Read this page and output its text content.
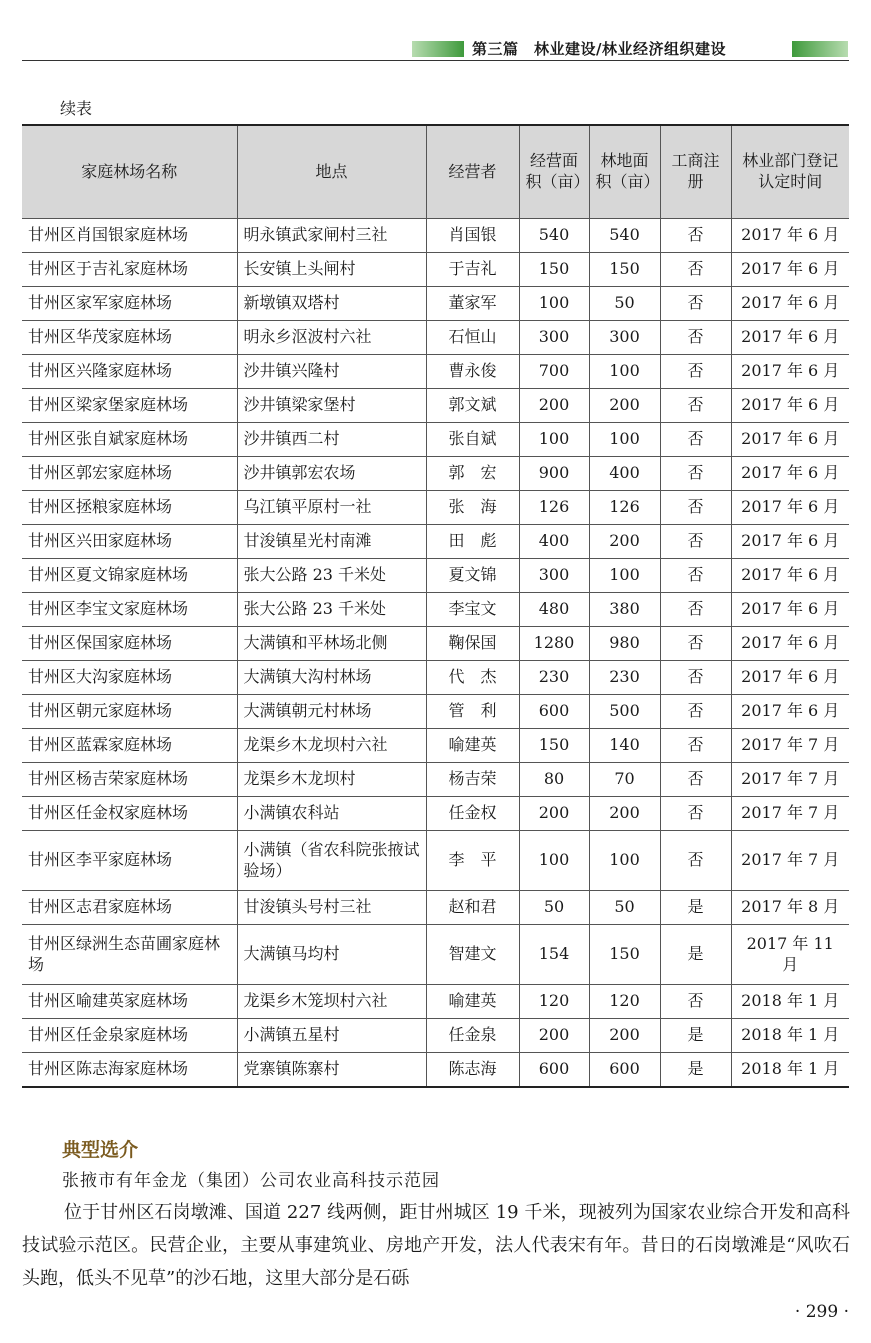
第三篇　林业建设/林业经济组织建设
续表
家庭林场名称	地点	经营者	经营面积（亩）	林地面积（亩）	工商注册	林业部门登记认定时间
甘州区肖国银家庭林场	明永镇武家闸村三社	肖国银	540	540	否	2017 年 6 月
甘州区于吉礼家庭林场	长安镇上头闸村	于吉礼	150	150	否	2017 年 6 月
甘州区家军家庭林场	新墩镇双塔村	董家军	100	50	否	2017 年 6 月
甘州区华茂家庭林场	明永乡沤波村六社	石恒山	300	300	否	2017 年 6 月
甘州区兴隆家庭林场	沙井镇兴隆村	曹永俊	700	100	否	2017 年 6 月
甘州区梁家堡家庭林场	沙井镇梁家堡村	郭文斌	200	200	否	2017 年 6 月
甘州区张自斌家庭林场	沙井镇西二村	张自斌	100	100	否	2017 年 6 月
甘州区郭宏家庭林场	沙井镇郭宏农场	郭　宏	900	400	否	2017 年 6 月
甘州区拯粮家庭林场	乌江镇平原村一社	张　海	126	126	否	2017 年 6 月
甘州区兴田家庭林场	甘浚镇星光村南滩	田　彪	400	200	否	2017 年 6 月
甘州区夏文锦家庭林场	张大公路 23 千米处	夏文锦	300	100	否	2017 年 6 月
甘州区李宝文家庭林场	张大公路 23 千米处	李宝文	480	380	否	2017 年 6 月
甘州区保国家庭林场	大满镇和平林场北侧	鞠保国	1280	980	否	2017 年 6 月
甘州区大沟家庭林场	大满镇大沟村林场	代　杰	230	230	否	2017 年 6 月
甘州区朝元家庭林场	大满镇朝元村林场	管　利	600	500	否	2017 年 6 月
甘州区蓝霖家庭林场	龙渠乡木龙坝村六社	喻建英	150	140	否	2017 年 7 月
甘州区杨吉荣家庭林场	龙渠乡木龙坝村	杨吉荣	80	70	否	2017 年 7 月
甘州区任金权家庭林场	小满镇农科站	任金权	200	200	否	2017 年 7 月
甘州区李平家庭林场	小满镇（省农科院张掖试验场）	李　平	100	100	否	2017 年 7 月
甘州区志君家庭林场	甘浚镇头号村三社	赵和君	50	50	是	2017 年 8 月
甘州区绿洲生态苗圃家庭林场	大满镇马均村	智建文	154	150	是	2017 年 11 月
甘州区喻建英家庭林场	龙渠乡木笼坝村六社	喻建英	120	120	否	2018 年 1 月
甘州区任金泉家庭林场	小满镇五星村	任金泉	200	200	是	2018 年 1 月
甘州区陈志海家庭林场	党寨镇陈寨村	陈志海	600	600	是	2018 年 1 月
典型选介
张掖市有年金龙（集团）公司农业高科技示范园

位于甘州区石岗墩滩、国道 227 线两侧，距甘州城区 19 千米，现被列为国家农业综合开发和高科技试验示范区。民营企业，主要从事建筑业、房地产开发，法人代表宋有年。昔日的石岗墩滩是“风吹石头跑，低头不见草”的沙石地，这里大部分是石砾

· 299 ·
